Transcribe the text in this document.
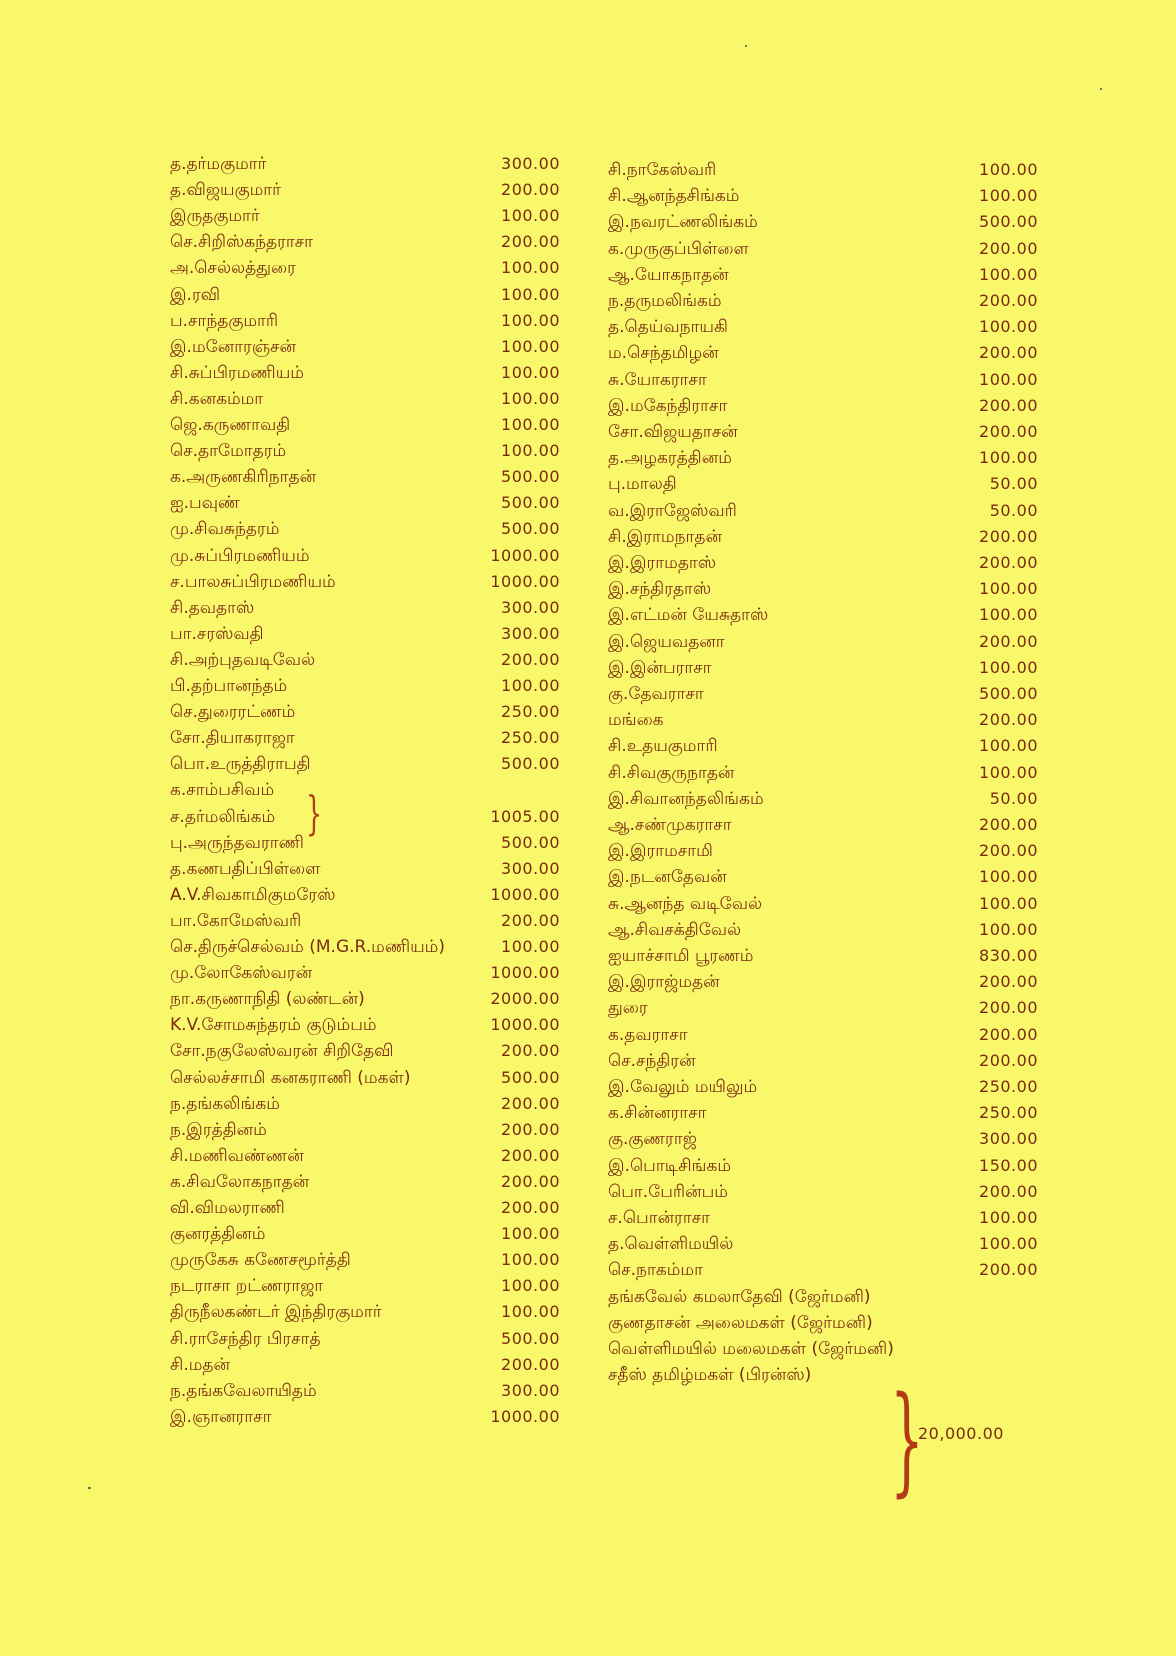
த.தர்மகுமார்	300.00
த.விஜயகுமார்	200.00
இருதகுமார்	100.00
செ.சிறிஸ்கந்தராசா	200.00
அ.செல்லத்துரை	100.00
இ.ரவி	100.00
ப.சாந்தகுமாரி	100.00
இ.மனோரஞ்சன்	100.00
சி.சுப்பிரமணியம்	100.00
சி.கனகம்மா	100.00
ஜெ.கருணாவதி	100.00
செ.தாமோதரம்	100.00
க.அருணகிரிநாதன்	500.00
ஐ.பவுண்	500.00
மு.சிவசுந்தரம்	500.00
மு.சுப்பிரமணியம்	1000.00
ச.பாலசுப்பிரமணியம்	1000.00
சி.தவதாஸ்	300.00
பா.சரஸ்வதி	300.00
சி.அற்புதவடிவேல்	200.00
பி.தற்பானந்தம்	100.00
செ.துரைரட்ணம்	250.00
சோ.தியாகராஜா	250.00
பொ.உருத்திராபதி	500.00
க.சாம்பசிவம்
ச.தர்மலிங்கம்	1005.00
பு.அருந்தவராணி	500.00
த.கணபதிப்பிள்ளை	300.00
A.V.சிவகாமிகுமரேஸ்	1000.00
பா.கோமேஸ்வரி	200.00
செ.திருச்செல்வம் (M.G.R.மணியம்)	100.00
மு.லோகேஸ்வரன்	1000.00
நா.கருணாநிதி (லண்டன்)	2000.00
K.V.சோமசுந்தரம் குடும்பம்	1000.00
சோ.நகுலேஸ்வரன் சிறிதேவி	200.00
செல்லச்சாமி கனகராணி (மகள்)	500.00
ந.தங்கலிங்கம்	200.00
ந.இரத்தினம்	200.00
சி.மணிவண்ணன்	200.00
க.சிவலோகநாதன்	200.00
வி.விமலராணி	200.00
குனரத்தினம்	100.00
முருகேசு கணேசமூர்த்தி	100.00
நடராசா றட்ணராஜா	100.00
திருநீலகண்டர் இந்திரகுமார்	100.00
சி.ராசேந்திர பிரசாத்	500.00
சி.மதன்	200.00
ந.தங்கவேலாயிதம்	300.00
இ.ஞானராசா	1000.00
சி.நாகேஸ்வரி	100.00
சி.ஆனந்தசிங்கம்	100.00
இ.நவரட்ணலிங்கம்	500.00
க.முருகுப்பிள்ளை	200.00
ஆ.யோகநாதன்	100.00
ந.தருமலிங்கம்	200.00
த.தெய்வநாயகி	100.00
ம.செந்தமிழன்	200.00
சு.யோகராசா	100.00
இ.மகேந்திராசா	200.00
சோ.விஜயதாசன்	200.00
த.அழகரத்தினம்	100.00
பு.மாலதி	50.00
வ.இராஜேஸ்வரி	50.00
சி.இராமநாதன்	200.00
இ.இராமதாஸ்	200.00
இ.சந்திரதாஸ்	100.00
இ.எட்மன் யேசுதாஸ்	100.00
இ.ஜெயவதனா	200.00
இ.இன்பராசா	100.00
கு.தேவராசா	500.00
மங்கை	200.00
சி.உதயகுமாரி	100.00
சி.சிவகுருநாதன்	100.00
இ.சிவானந்தலிங்கம்	50.00
ஆ.சண்முகராசா	200.00
இ.இராமசாமி	200.00
இ.நடனதேவன்	100.00
சு.ஆனந்த வடிவேல்	100.00
ஆ.சிவசக்திவேல்	100.00
ஐயாச்சாமி பூரணம்	830.00
இ.இராஜ்மதன்	200.00
துரை	200.00
க.தவராசா	200.00
செ.சந்திரன்	200.00
இ.வேலும் மயிலும்	250.00
க.சின்னராசா	250.00
கு.குணராஜ்	300.00
இ.பொடிசிங்கம்	150.00
பொ.பேரின்பம்	200.00
ச.பொன்ராசா	100.00
த.வெள்ளிமயில்	100.00
செ.நாகம்மா	200.00
தங்கவேல் கமலாதேவி (ஜேர்மனி)
குணதாசன் அலைமகள் (ஜேர்மனி)
வெள்ளிமயில் மலைமகள் (ஜேர்மனி)
சதீஸ் தமிழ்மகள் (பிரன்ஸ்)
}
}
20,000.00
